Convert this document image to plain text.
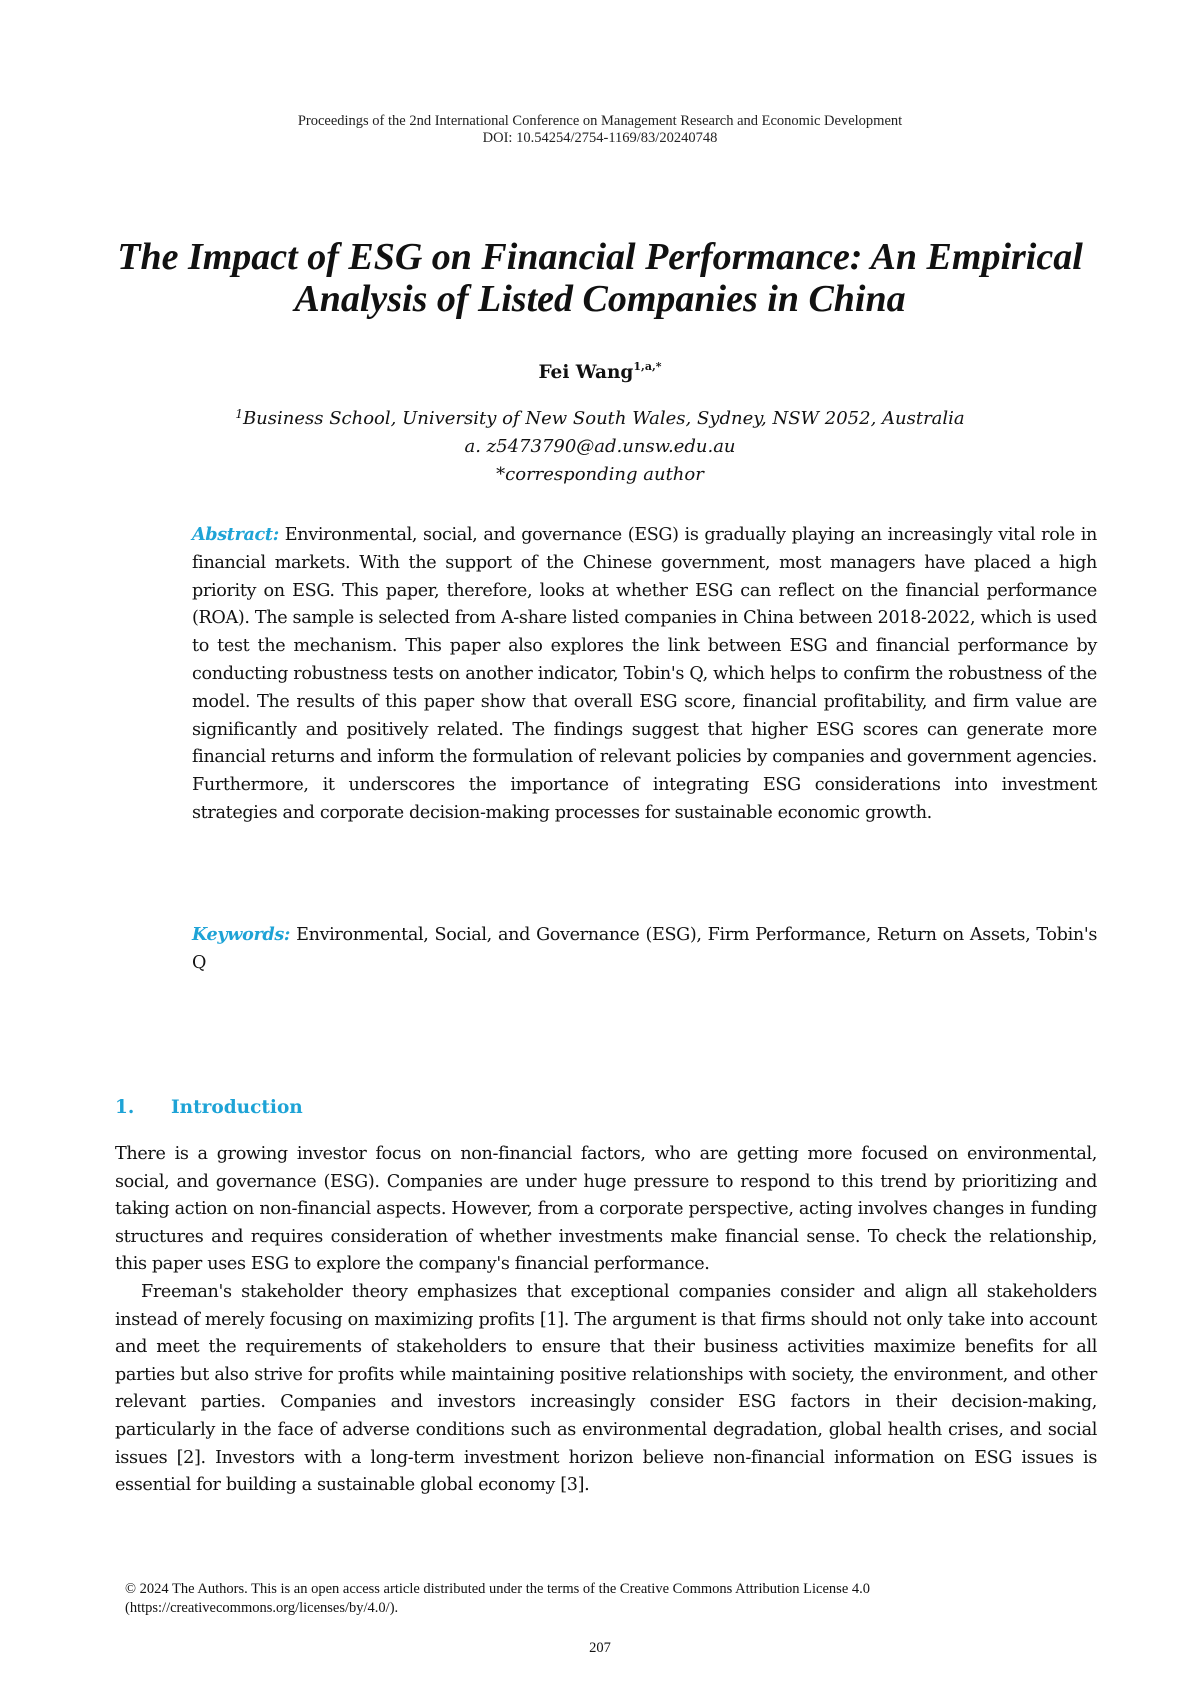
Proceedings of the 2nd International Conference on Management Research and Economic Development
DOI: 10.54254/2754-1169/83/20240748
The Impact of ESG on Financial Performance: An Empirical
Analysis of Listed Companies in China
Fei Wang$^{1,a,*}$
$^1$Business School, University of New South Wales, Sydney, NSW 2052, Australia
a. z5473790@ad.unsw.edu.au
*corresponding author
Abstract: Environmental, social, and governance (ESG) is gradually playing an increasingly vital role in financial markets. With the support of the Chinese government, most managers have placed a high priority on ESG. This paper, therefore, looks at whether ESG can reflect on the financial performance (ROA). The sample is selected from A-share listed companies in China between 2018-2022, which is used to test the mechanism. This paper also explores the link between ESG and financial performance by conducting robustness tests on another indicator, Tobin's Q, which helps to confirm the robustness of the model. The results of this paper show that overall ESG score, financial profitability, and firm value are significantly and positively related. The findings suggest that higher ESG scores can generate more financial returns and inform the formulation of relevant policies by companies and government agencies. Furthermore, it underscores the importance of integrating ESG considerations into investment strategies and corporate decision-making processes for sustainable economic growth.
Keywords: Environmental, Social, and Governance (ESG), Firm Performance, Return on Assets, Tobin's Q
1. Introduction

There is a growing investor focus on non-financial factors, who are getting more focused on environmental, social, and governance (ESG). Companies are under huge pressure to respond to this trend by prioritizing and taking action on non-financial aspects. However, from a corporate perspective, acting involves changes in funding structures and requires consideration of whether investments make financial sense. To check the relationship, this paper uses ESG to explore the company's financial performance.

Freeman's stakeholder theory emphasizes that exceptional companies consider and align all stakeholders instead of merely focusing on maximizing profits [1]. The argument is that firms should not only take into account and meet the requirements of stakeholders to ensure that their business activities maximize benefits for all parties but also strive for profits while maintaining positive relationships with society, the environment, and other relevant parties. Companies and investors increasingly consider ESG factors in their decision-making, particularly in the face of adverse conditions such as environmental degradation, global health crises, and social issues [2]. Investors with a long-term investment horizon believe non-financial information on ESG issues is essential for building a sustainable global economy [3].

© 2024 The Authors. This is an open access article distributed under the terms of the Creative Commons Attribution License 4.0
(https://creativecommons.org/licenses/by/4.0/).
207
